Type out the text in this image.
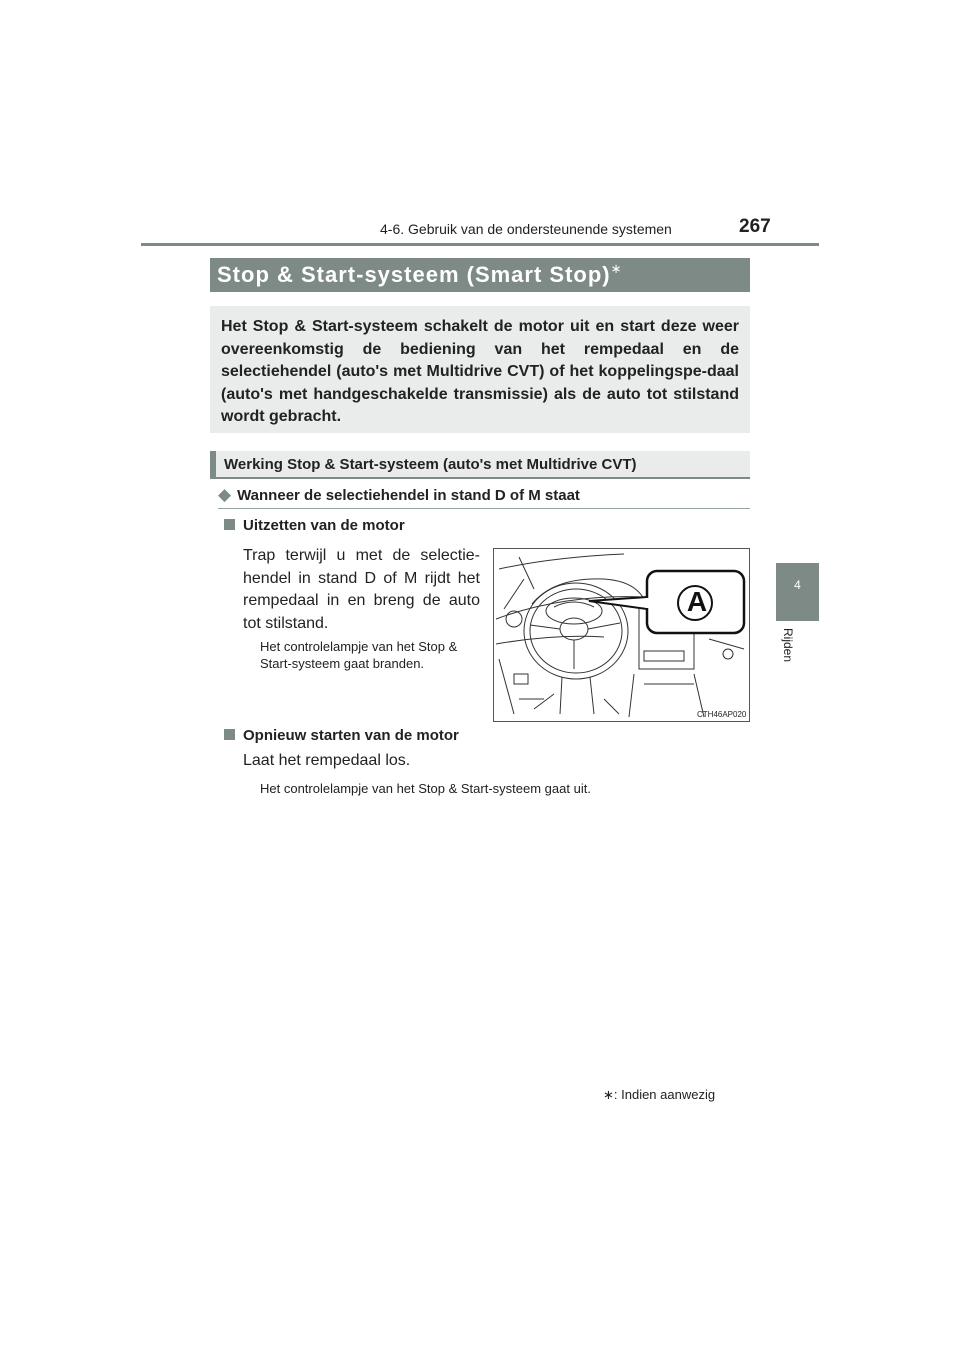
4-6. Gebruik van de ondersteunende systemen	267
4
Rijden
Stop & Start-systeem (Smart Stop)∗
Het Stop & Start-systeem schakelt de motor uit en start deze weer overeenkomstig de bediening van het rempedaal en de selectiehendel (auto's met Multidrive CVT) of het koppelingspe-daal (auto's met handgeschakelde transmissie) als de auto tot stilstand wordt gebracht.
Werking Stop & Start-systeem (auto's met Multidrive CVT)
◆ Wanneer de selectiehendel in stand D of M staat
Uitzetten van de motor
Trap terwijl u met de selectie-hendel in stand D of M rijdt het rempedaal in en breng de auto tot stilstand.
Het controlelampje van het Stop & Start-systeem gaat branden.
A
CTH46AP020
Opnieuw starten van de motor
Laat het rempedaal los.
Het controlelampje van het Stop & Start-systeem gaat uit.
∗: Indien aanwezig
